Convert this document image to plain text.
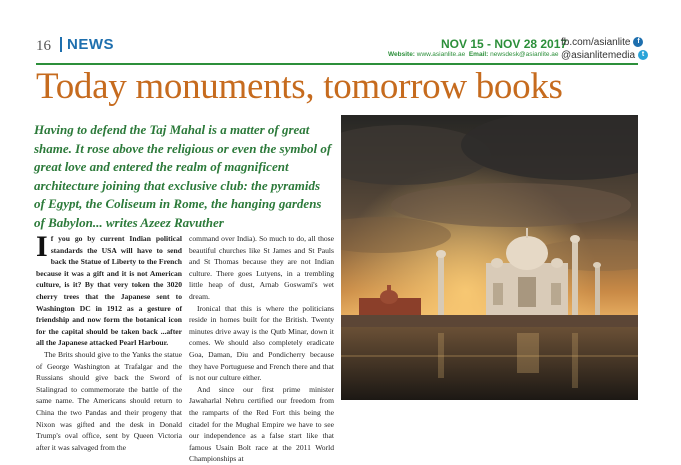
16	NEWS	NOV 15 - NOV 28 2017
Website: www.asianlite.ae Email: newsdesk@asianlite.ae
fb.com/asianlite f
@asianlitemedia t
Today monuments, tomorrow books
Having to defend the Taj Mahal is a matter of great shame. It rose above the religious or even the symbol of great love and entered the realm of magnificent architecture joining that exclusive club: the pyramids of Egypt, the Coliseum in Rome, the hanging gardens of Babylon... writes Azeez Ravuther

If you go by current Indian political standards the USA will have to send back the Statue of Liberty to the French because it was a gift and it is not American culture, is it? By that very token the 3020 cherry trees that the Japanese sent to Washington DC in 1912 as a gesture of friendship and now form the botanical icon for the capital should be taken back ...after all the Japanese attacked Pearl Harbour.

The Brits should give to the Yanks the statue of George Washington at Trafalgar and the Russians should give back the Sword of Stalingrad to commemorate the battle of the same name. The Americans should return to China the two Pandas and their progeny that Nixon was gifted and the desk in Donald Trump's oval office, sent by Queen Victoria after it was salvaged from the

command over India). So much to do, all those beautiful churches like St James and St Pauls and St Thomas because they are not Indian culture. There goes Lutyens, in a trembling little heap of dust, Arnab Goswami's wet dream.

Ironical that this is where the politicians reside in homes built for the British. Twenty minutes drive away is the Qutb Minar, down it comes. We should also completely eradicate Goa, Daman, Diu and Pondicherry because they have Portuguese and French there and that is not our culture either.

And since our first prime minister Jawaharlal Nehru certified our freedom from the ramparts of the Red Fort this being the citadel for the Mughal Empire we have to see our independence as a false start like that famous Usain Bolt race at the 2011 World Championships at
